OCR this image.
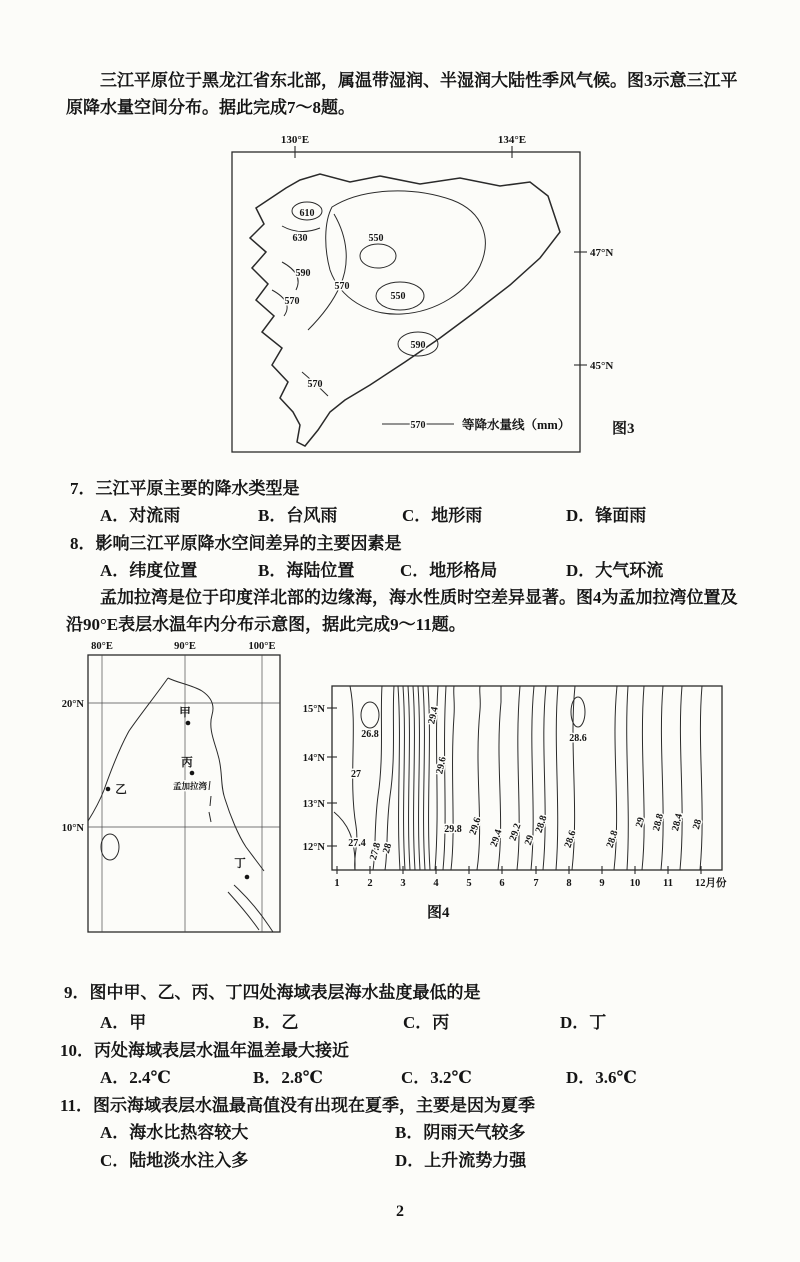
三江平原位于黑龙江省东北部，属温带湿润、半湿润大陆性季风气候。图3示意三江平
原降水量空间分布。据此完成7～8题。
130°E	134°E
47°N
45°N
图3
610
630
590
570
550
550
570
590
570
570	等降水量线（mm）
7．三江平原主要的降水类型是
A．对流雨	B．台风雨	C．地形雨	D．锋面雨
8．影响三江平原降水空间差异的主要因素是
A．纬度位置	B．海陆位置	C．地形格局	D．大气环流
孟加拉湾是位于印度洋北部的边缘海，海水性质时空差异显著。图4为孟加拉湾位置及
沿90°E表层水温年内分布示意图，据此完成9～11题。
80°E	90°E	100°E
20°N
10°N
甲
丙
孟加拉湾
乙
丁
15°N
14°N
13°N
12°N
1	2	3	4	5	6	7	8	9 10 11 12月份
26.8
27
27.4 27.8
28
29.4
29.6
29.8 29.6
29.4 29.2 29
28.8
28.6
28.6	28.8
29 28.8 28.4 28
图4
9．图中甲、乙、丙、丁四处海域表层海水盐度最低的是
A．甲	B．乙	C．丙	D．丁
10．丙处海域表层水温年温差最大接近
A．2.4℃	B．2.8℃	C．3.2℃	D．3.6℃
11．图示海域表层水温最高值没有出现在夏季，主要是因为夏季
A．海水比热容较大	B．阴雨天气较多
C．陆地淡水注入多	D．上升流势力强
2
